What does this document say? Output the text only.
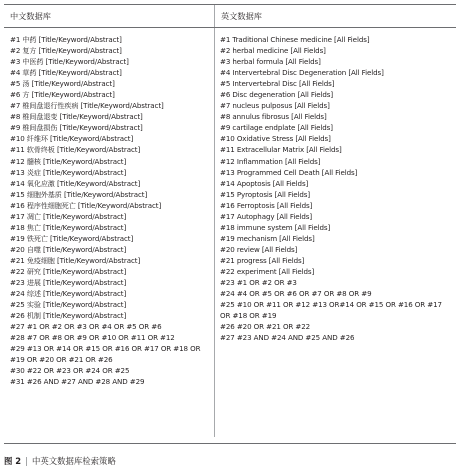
中文数据库	英文数据库
#1 中药 [Title/Keyword/Abstract]
#2 复方 [Title/Keyword/Abstract]
#3 中医药 [Title/Keyword/Abstract]
#4 草药 [Title/Keyword/Abstract]
#5 汤 [Title/Keyword/Abstract]
#6 方 [Title/Keyword/Abstract]
#7 椎间盘退行性疾病 [Title/Keyword/Abstract]
#8 椎间盘退变 [Title/Keyword/Abstract]
#9 椎间盘损伤 [Title/Keyword/Abstract]
#10 纤维环 [Title/Keyword/Abstract]
#11 软骨终板 [Title/Keyword/Abstract]
#12 髓核 [Title/Keyword/Abstract]
#13 炎症 [Title/Keyword/Abstract]
#14 氧化应激 [Title/Keyword/Abstract]
#15 细胞外基质 [Title/Keyword/Abstract]
#16 程序性细胞死亡 [Title/Keyword/Abstract]
#17 凋亡 [Title/Keyword/Abstract]
#18 焦亡 [Title/Keyword/Abstract]
#19 铁死亡 [Title/Keyword/Abstract]
#20 自噬 [Title/Keyword/Abstract]
#21 免疫细胞 [Title/Keyword/Abstract]
#22 研究 [Title/Keyword/Abstract]
#23 进展 [Title/Keyword/Abstract]
#24 综述 [Title/Keyword/Abstract]
#25 实验 [Title/Keyword/Abstract]
#26 机制 [Title/Keyword/Abstract]
#27 #1 OR #2 OR #3 OR #4 OR #5 OR #6
#28 #7 OR #8 OR #9 OR #10 OR #11 OR #12
#29 #13 OR #14 OR #15 OR #16 OR #17 OR #18 OR
#19 OR #20 OR #21 OR #26
#30 #22 OR #23 OR #24 OR #25
#31 #26 AND #27 AND #28 AND #29
#1 Traditional Chinese medicine [All Fields]
#2 herbal medicine [All Fields]
#3 herbal formula [All Fields]
#4 Intervertebral Disc Degeneration [All Fields]
#5 Intervertebral Disc [All Fields]
#6 Disc degeneration [All Fields]
#7 nucleus pulposus [All Fields]
#8 annulus fibrosus [All Fields]
#9 cartilage endplate [All Fields]
#10 Oxidative Stress [All Fields]
#11 Extracellular Matrix [All Fields]
#12 Inflammation [All Fields]
#13 Programmed Cell Death [All Fields]
#14 Apoptosis [All Fields]
#15 Pyroptosis [All Fields]
#16 Ferroptosis [All Fields]
#17 Autophagy [All Fields]
#18 immune system [All Fields]
#19 mechanism [All Fields]
#20 review [All Fields]
#21 progress [All Fields]
#22 experiment [All Fields]
#23 #1 OR #2 OR #3
#24 #4 OR #5 OR #6 OR #7 OR #8 OR #9
#25 #10 OR #11 OR #12 #13 OR#14 OR #15 OR #16 OR #17
OR #18 OR #19
#26 #20 OR #21 OR #22
#27 #23 AND #24 AND #25 AND #26
图 2 | 中英文数据库检索策略
